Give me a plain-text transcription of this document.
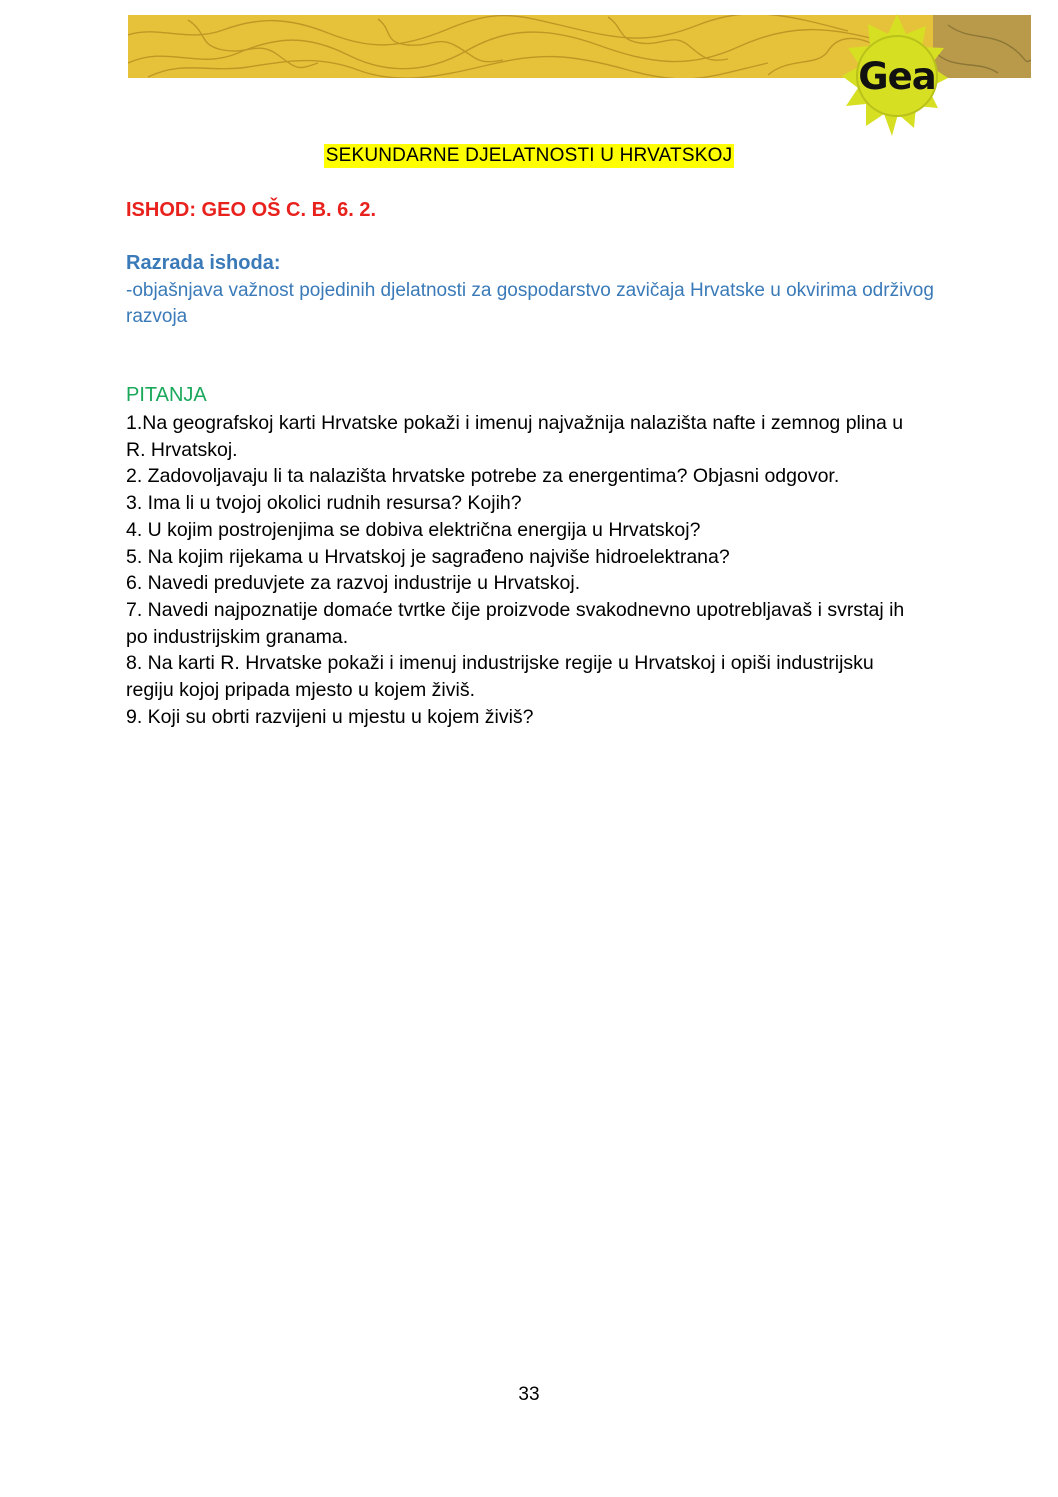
Gea
SEKUNDARNE DJELATNOSTI U HRVATSKOJ
ISHOD: GEO OŠ C. B. 6. 2.
Razrada ishoda:
-objašnjava važnost pojedinih djelatnosti za gospodarstvo zavičaja Hrvatske u okvirima održivog razvoja
PITANJA
1.Na geografskoj karti Hrvatske pokaži i imenuj najvažnija nalazišta nafte i zemnog plina u R. Hrvatskoj.
2. Zadovoljavaju li ta nalazišta hrvatske potrebe za energentima? Objasni odgovor.
3. Ima li u tvojoj okolici rudnih resursa? Kojih?
4. U kojim postrojenjima se dobiva električna energija u Hrvatskoj?
5. Na kojim rijekama u Hrvatskoj je sagrađeno najviše hidroelektrana?
6. Navedi preduvjete za razvoj industrije u Hrvatskoj.
7. Navedi najpoznatije domaće tvrtke čije proizvode svakodnevno upotrebljavaš i svrstaj ih po industrijskim granama.
8. Na karti R. Hrvatske pokaži i imenuj industrijske regije u Hrvatskoj i opiši industrijsku regiju kojoj pripada mjesto u kojem živiš.
9. Koji su obrti razvijeni u mjestu u kojem živiš?
33
